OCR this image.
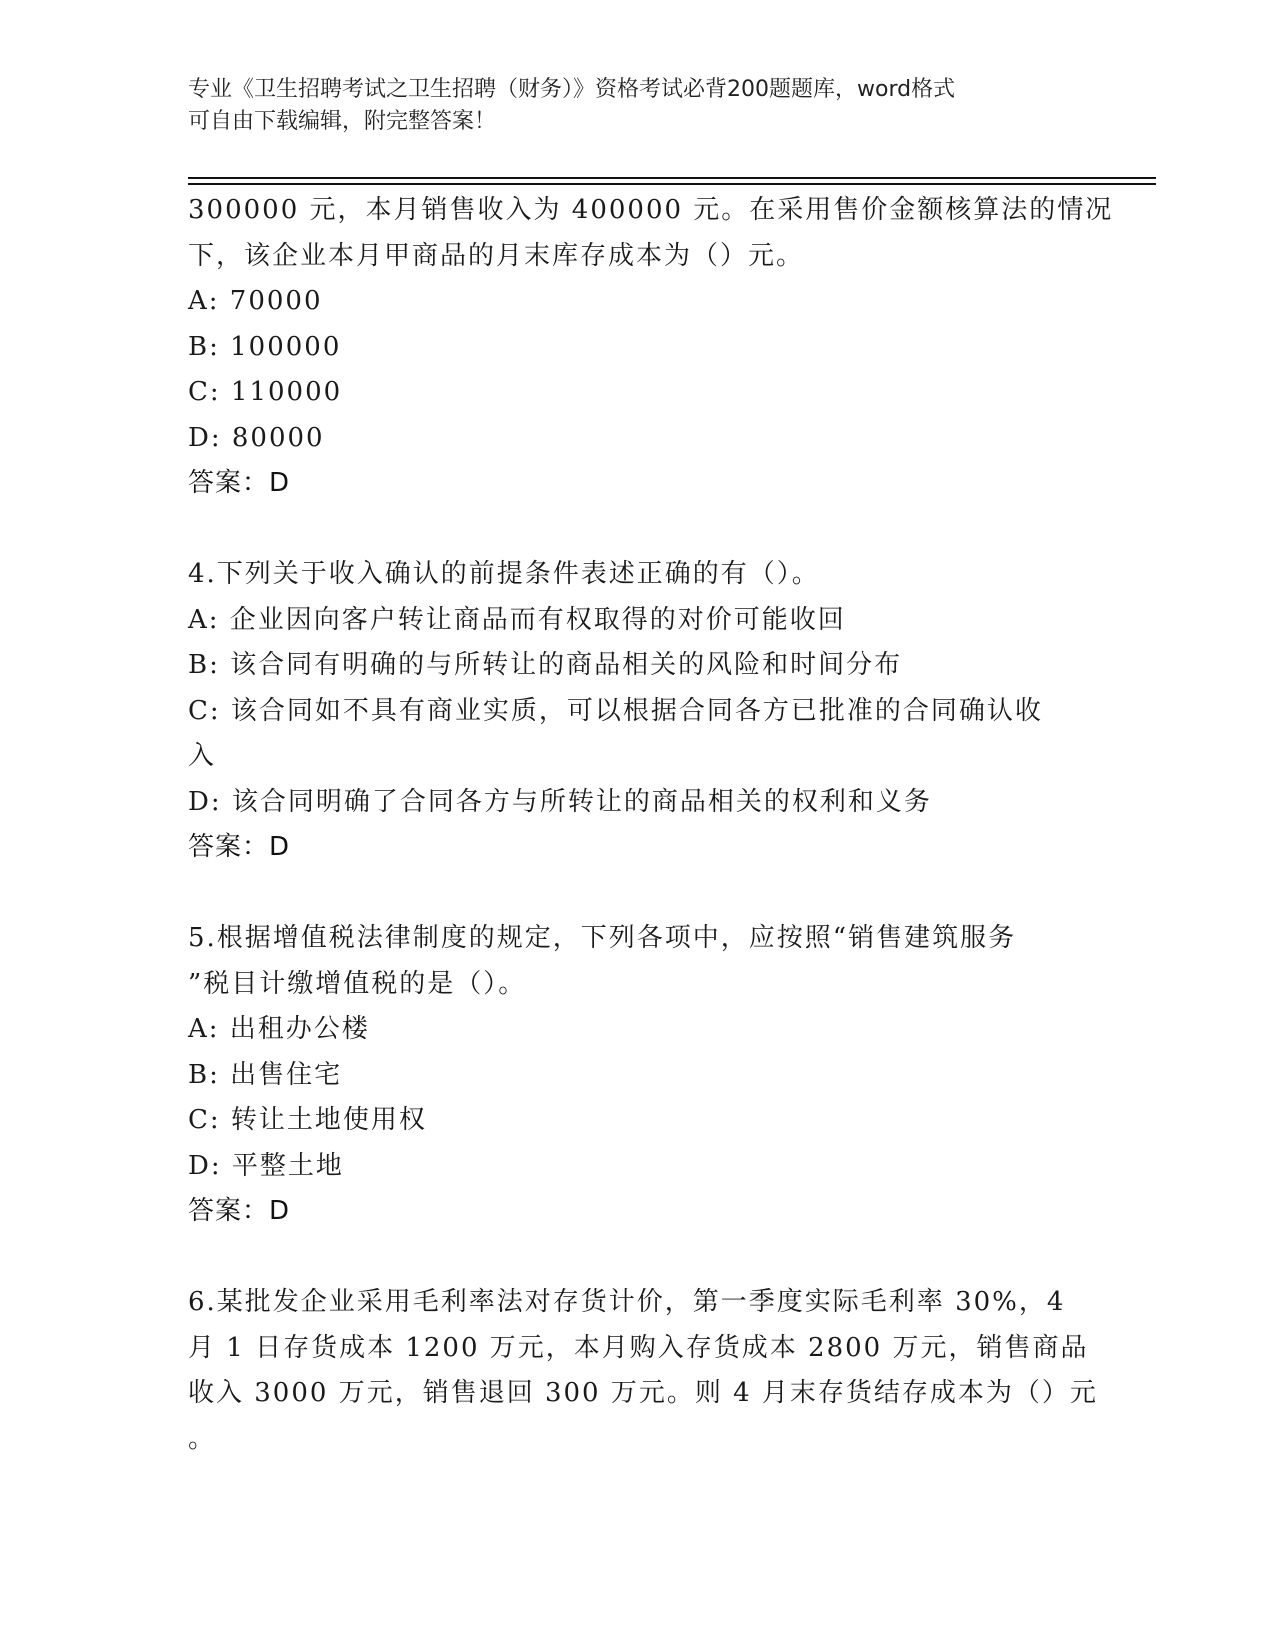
专业《卫生招聘考试之卫生招聘（财务）》资格考试必背200题题库，word格式
可自由下载编辑，附完整答案！
300000 元，本月销售收入为 400000 元。在采用售价金额核算法的情况
下，该企业本月甲商品的月末库存成本为（）元。
A: 70000
B: 100000
C: 110000
D: 80000
答案：D
4.下列关于收入确认的前提条件表述正确的有（）。
A: 企业因向客户转让商品而有权取得的对价可能收回
B: 该合同有明确的与所转让的商品相关的风险和时间分布
C: 该合同如不具有商业实质，可以根据合同各方已批准的合同确认收
入
D: 该合同明确了合同各方与所转让的商品相关的权利和义务
答案：D
5.根据增值税法律制度的规定，下列各项中，应按照“销售建筑服务
”税目计缴增值税的是（）。
A: 出租办公楼
B: 出售住宅
C: 转让土地使用权
D: 平整土地
答案：D
6.某批发企业采用毛利率法对存货计价，第一季度实际毛利率 30%，4
月 1 日存货成本 1200 万元，本月购入存货成本 2800 万元，销售商品
收入 3000 万元，销售退回 300 万元。则 4 月末存货结存成本为（）元
。
